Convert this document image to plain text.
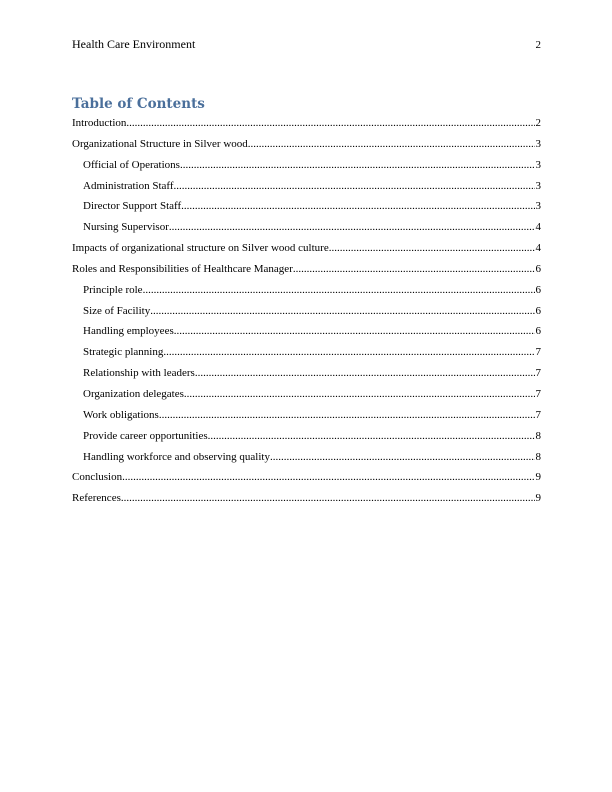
Health Care Environment	2
Table of Contents
Introduction .....	2
Organizational Structure in Silver wood .....	3
Official of Operations .....	3
Administration Staff .....	3
Director Support Staff .....	3
Nursing Supervisor .....	4
Impacts of organizational structure on Silver wood culture .....	4
Roles and Responsibilities of Healthcare Manager .....	6
Principle role .....	6
Size of Facility .....	6
Handling employees .....	6
Strategic planning .....	7
Relationship with leaders .....	7
Organization delegates .....	7
Work obligations .....	7
Provide career opportunities .....	8
Handling workforce and observing quality .....	8
Conclusion .....	9
References .....	9
